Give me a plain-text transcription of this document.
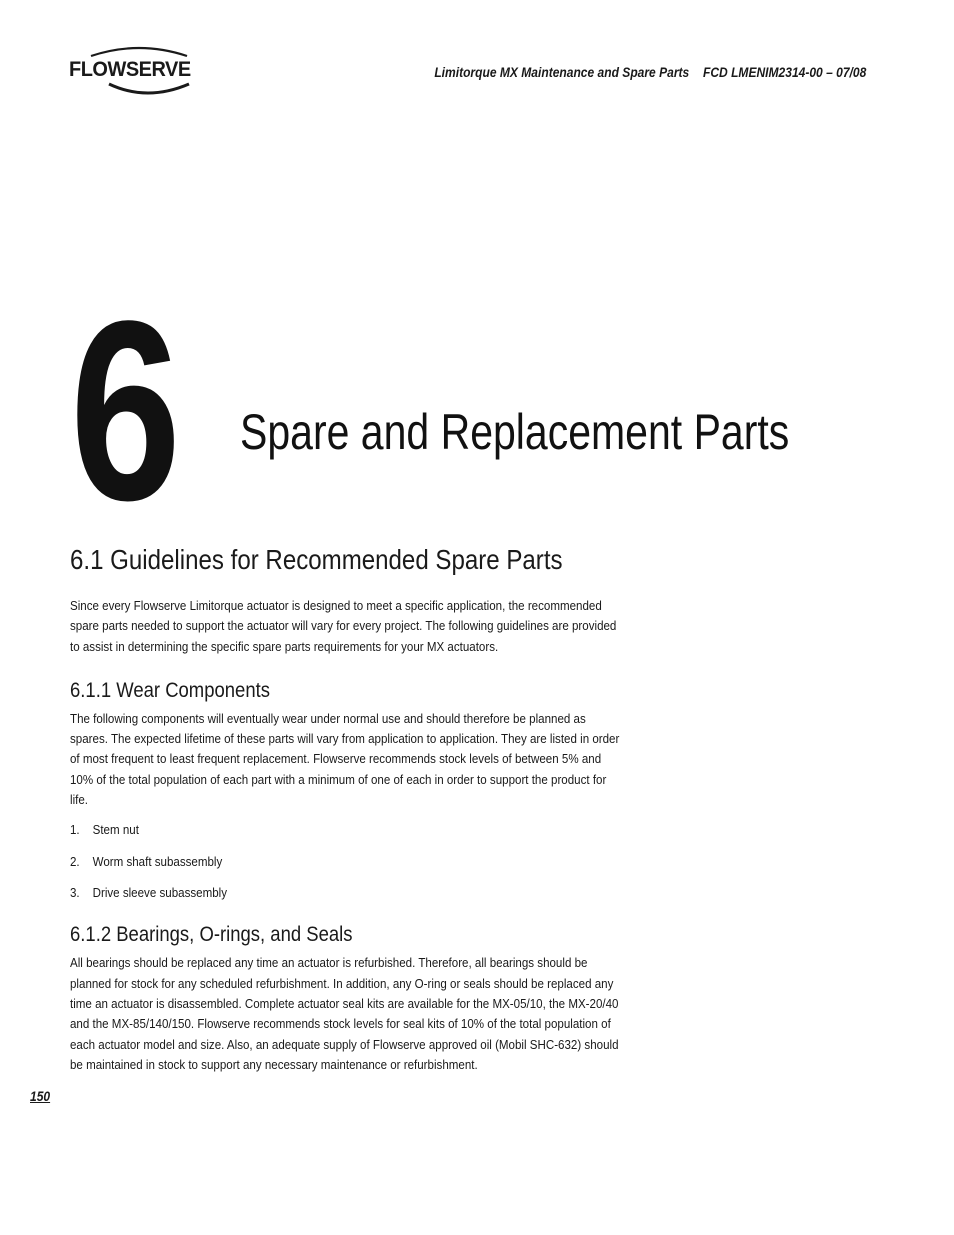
FLOWSERVE	Limitorque MX Maintenance and Spare Parts FCD LMENIM2314-00 – 07/08
6 Spare and Replacement Parts
6.1 Guidelines for Recommended Spare Parts

Since every Flowserve Limitorque actuator is designed to meet a specific application, the recommended spare parts needed to support the actuator will vary for every project. The following guidelines are provided to assist in determining the specific spare parts requirements for your MX actuators.

6.1.1 Wear Components

The following components will eventually wear under normal use and should therefore be planned as spares. The expected lifetime of these parts will vary from application to application. They are listed in order of most frequent to least frequent replacement. Flowserve recommends stock levels of between 5% and 10% of the total population of each part with a minimum of one of each in order to support the product for life.

1. Stem nut
2. Worm shaft subassembly
3. Drive sleeve subassembly
6.1.2 Bearings, O-rings, and Seals

All bearings should be replaced any time an actuator is refurbished. Therefore, all bearings should be planned for stock for any scheduled refurbishment. In addition, any O-ring or seals should be replaced any time an actuator is disassembled. Complete actuator seal kits are available for the MX-05/10, the MX-20/40 and the MX-85/140/150. Flowserve recommends stock levels for seal kits of 10% of the total population of each actuator model and size. Also, an adequate supply of Flowserve approved oil (Mobil SHC-632) should be maintained in stock to support any necessary maintenance or refurbishment.

150
